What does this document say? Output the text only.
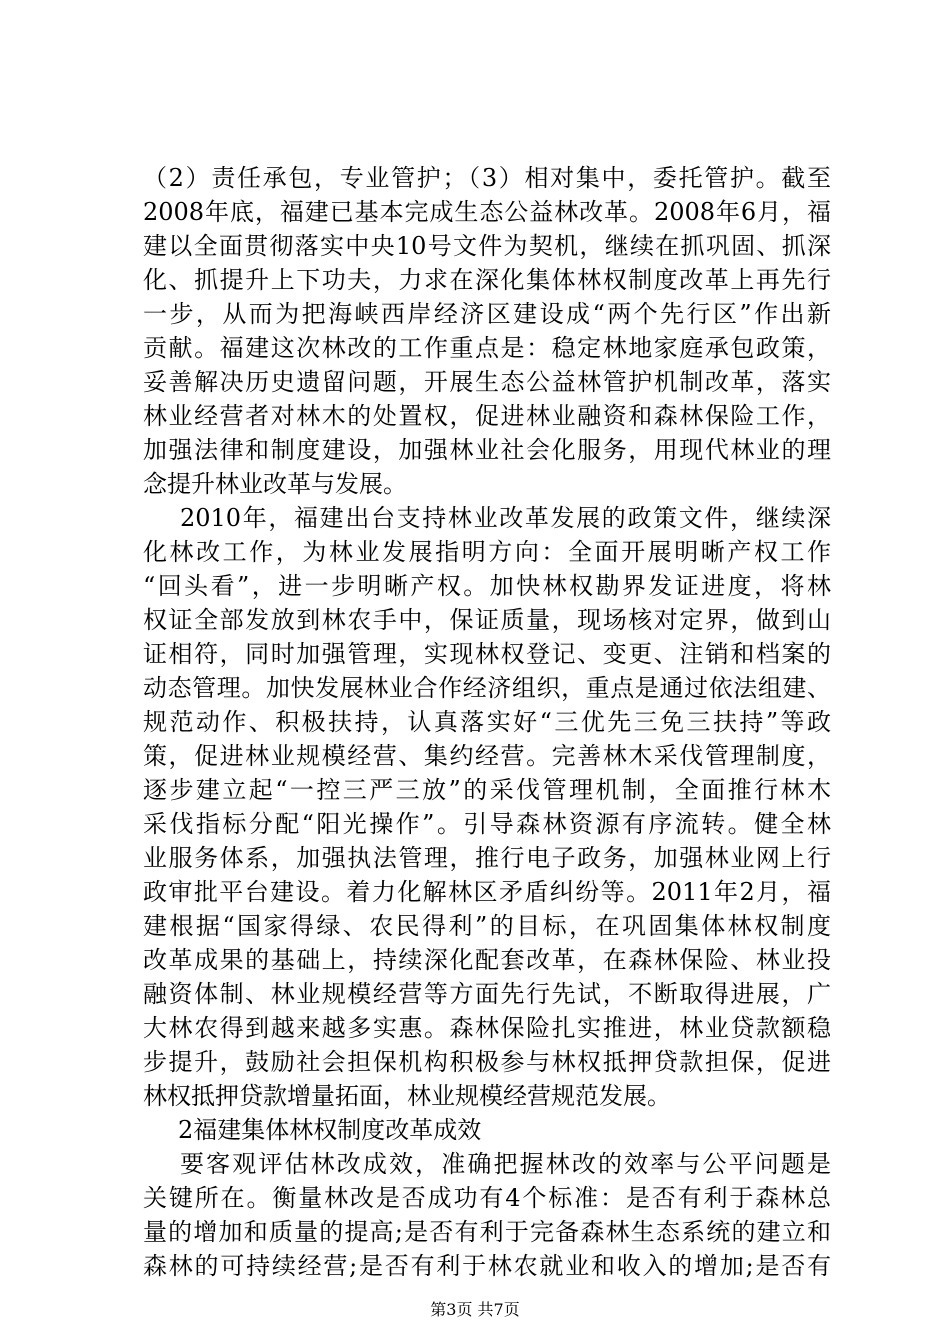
（2）责任承包，专业管护；（3）相对集中，委托管护。截至
2008年底，福建已基本完成生态公益林改革。2008年6月，福
建以全面贯彻落实中央10号文件为契机，继续在抓巩固、抓深
化、抓提升上下功夫，力求在深化集体林权制度改革上再先行
一步，从而为把海峡西岸经济区建设成“两个先行区”作出新
贡献。福建这次林改的工作重点是：稳定林地家庭承包政策，
妥善解决历史遗留问题，开展生态公益林管护机制改革，落实
林业经营者对林木的处置权，促进林业融资和森林保险工作，
加强法律和制度建设，加强林业社会化服务，用现代林业的理
念提升林业改革与发展。
2010年，福建出台支持林业改革发展的政策文件，继续深
化林改工作，为林业发展指明方向：全面开展明晰产权工作
“回头看”，进一步明晰产权。加快林权勘界发证进度，将林
权证全部发放到林农手中，保证质量，现场核对定界，做到山
证相符，同时加强管理，实现林权登记、变更、注销和档案的
动态管理。加快发展林业合作经济组织，重点是通过依法组建、
规范动作、积极扶持，认真落实好“三优先三免三扶持”等政
策，促进林业规模经营、集约经营。完善林木采伐管理制度，
逐步建立起“一控三严三放”的采伐管理机制，全面推行林木
采伐指标分配“阳光操作”。引导森林资源有序流转。健全林
业服务体系，加强执法管理，推行电子政务，加强林业网上行
政审批平台建设。着力化解林区矛盾纠纷等。2011年2月，福
建根据“国家得绿、农民得利”的目标，在巩固集体林权制度
改革成果的基础上，持续深化配套改革，在森林保险、林业投
融资体制、林业规模经营等方面先行先试，不断取得进展，广
大林农得到越来越多实惠。森林保险扎实推进，林业贷款额稳
步提升，鼓励社会担保机构积极参与林权抵押贷款担保，促进
林权抵押贷款增量拓面，林业规模经营规范发展。
2福建集体林权制度改革成效
要客观评估林改成效，准确把握林改的效率与公平问题是
关键所在。衡量林改是否成功有4个标准：是否有利于森林总
量的增加和质量的提高;是否有利于完备森林生态系统的建立和
森林的可持续经营;是否有利于林农就业和收入的增加;是否有
第3页 共7页
